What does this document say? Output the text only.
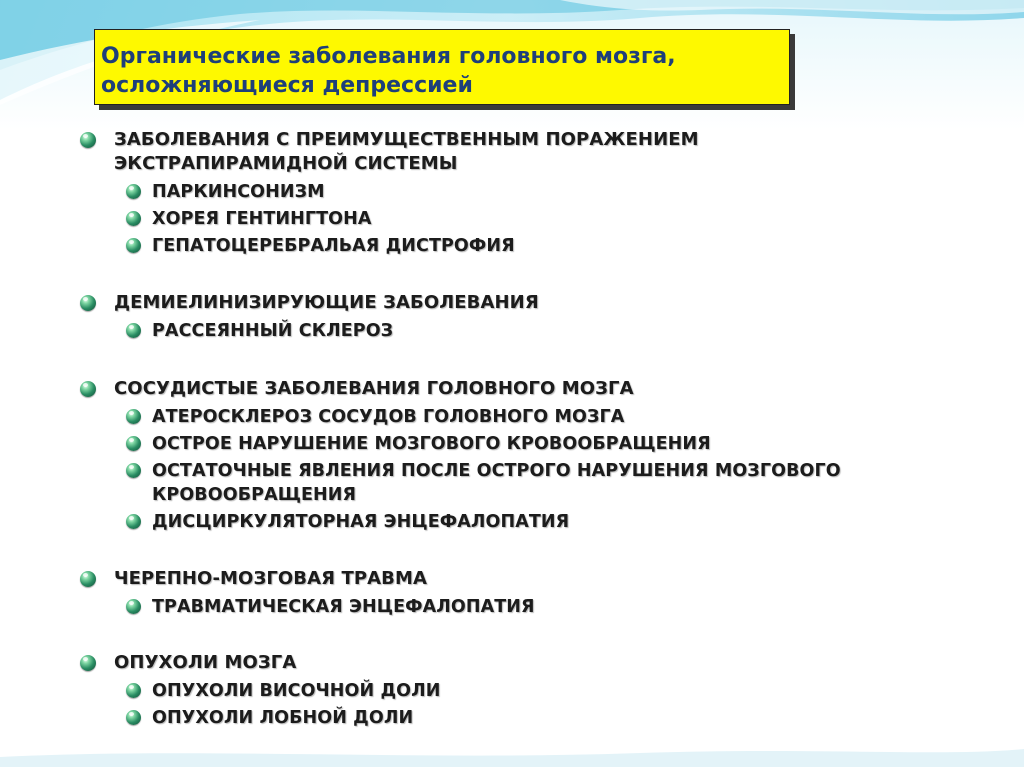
Органические заболевания головного мозга,
осложняющиеся депрессией
ЗАБОЛЕВАНИЯ С ПРЕИМУЩЕСТВЕННЫМ ПОРАЖЕНИЕМ
ЭКСТРАПИРАМИДНОЙ СИСТЕМЫ
ПАРКИНСОНИЗМ
ХОРЕЯ ГЕНТИНГТОНА
ГЕПАТОЦЕРЕБРАЛЬАЯ ДИСТРОФИЯ
ДЕМИЕЛИНИЗИРУЮЩИЕ ЗАБОЛЕВАНИЯ
РАССЕЯННЫЙ СКЛЕРОЗ
СОСУДИСТЫЕ ЗАБОЛЕВАНИЯ ГОЛОВНОГО МОЗГА
АТЕРОСКЛЕРОЗ СОСУДОВ ГОЛОВНОГО МОЗГА
ОСТРОЕ НАРУШЕНИЕ МОЗГОВОГО КРОВООБРАЩЕНИЯ
ОСТАТОЧНЫЕ ЯВЛЕНИЯ ПОСЛЕ ОСТРОГО НАРУШЕНИЯ МОЗГОВОГО
КРОВООБРАЩЕНИЯ
ДИСЦИРКУЛЯТОРНАЯ ЭНЦЕФАЛОПАТИЯ
ЧЕРЕПНО-МОЗГОВАЯ ТРАВМА
ТРАВМАТИЧЕСКАЯ ЭНЦЕФАЛОПАТИЯ
ОПУХОЛИ МОЗГА
ОПУХОЛИ ВИСОЧНОЙ ДОЛИ
ОПУХОЛИ ЛОБНОЙ ДОЛИ
